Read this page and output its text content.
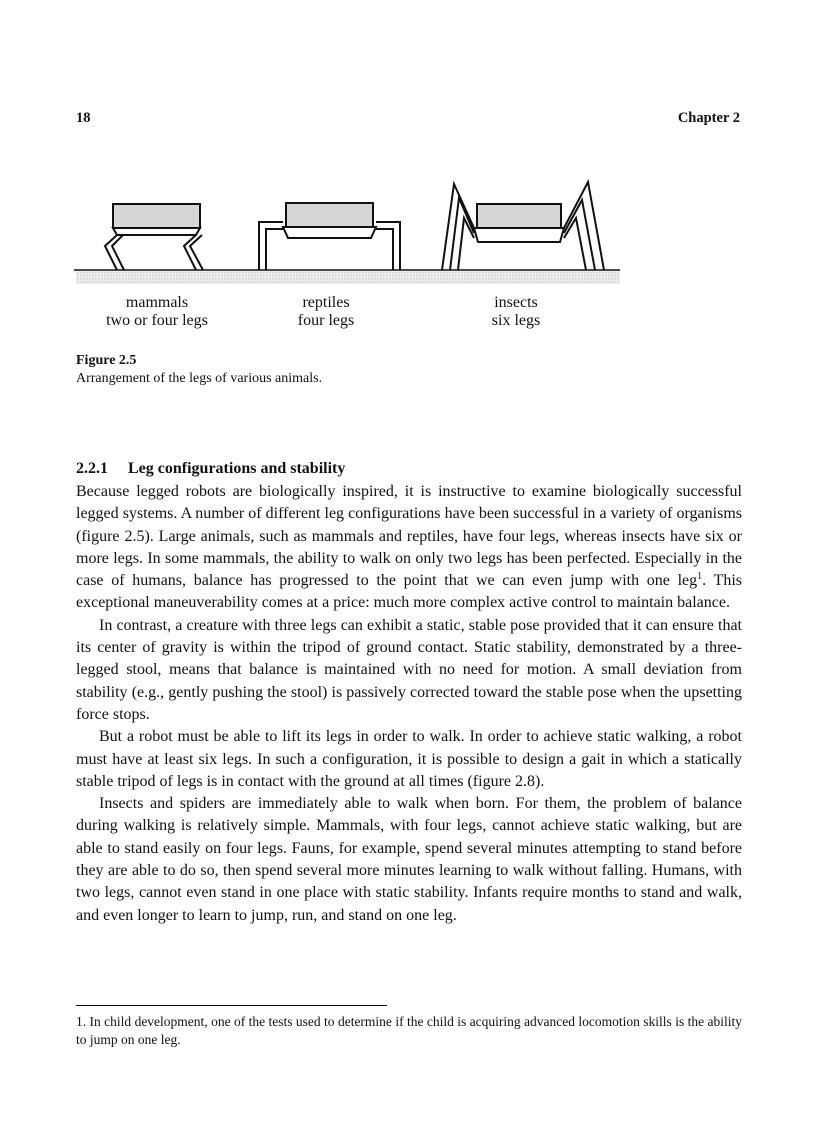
18	Chapter 2
mammals
two or four legs
reptiles
four legs
insects
six legs
Figure 2.5
Arrangement of the legs of various animals.
2.2.1 Leg configurations and stability

Because legged robots are biologically inspired, it is instructive to examine biologically successful legged systems. A number of different leg configurations have been successful in a variety of organisms (figure 2.5). Large animals, such as mammals and reptiles, have four legs, whereas insects have six or more legs. In some mammals, the ability to walk on only two legs has been perfected. Especially in the case of humans, balance has progressed to the point that we can even jump with one leg$^1$. This exceptional maneuverability comes at a price: much more complex active control to maintain balance.

In contrast, a creature with three legs can exhibit a static, stable pose provided that it can ensure that its center of gravity is within the tripod of ground contact. Static stability, demonstrated by a three-legged stool, means that balance is maintained with no need for motion. A small deviation from stability (e.g., gently pushing the stool) is passively corrected toward the stable pose when the upsetting force stops.

But a robot must be able to lift its legs in order to walk. In order to achieve static walking, a robot must have at least six legs. In such a configuration, it is possible to design a gait in which a statically stable tripod of legs is in contact with the ground at all times (figure 2.8).

Insects and spiders are immediately able to walk when born. For them, the problem of balance during walking is relatively simple. Mammals, with four legs, cannot achieve static walking, but are able to stand easily on four legs. Fauns, for example, spend several minutes attempting to stand before they are able to do so, then spend several more minutes learning to walk without falling. Humans, with two legs, cannot even stand in one place with static stability. Infants require months to stand and walk, and even longer to learn to jump, run, and stand on one leg.

1. In child development, one of the tests used to determine if the child is acquiring advanced locomotion skills is the ability to jump on one leg.
